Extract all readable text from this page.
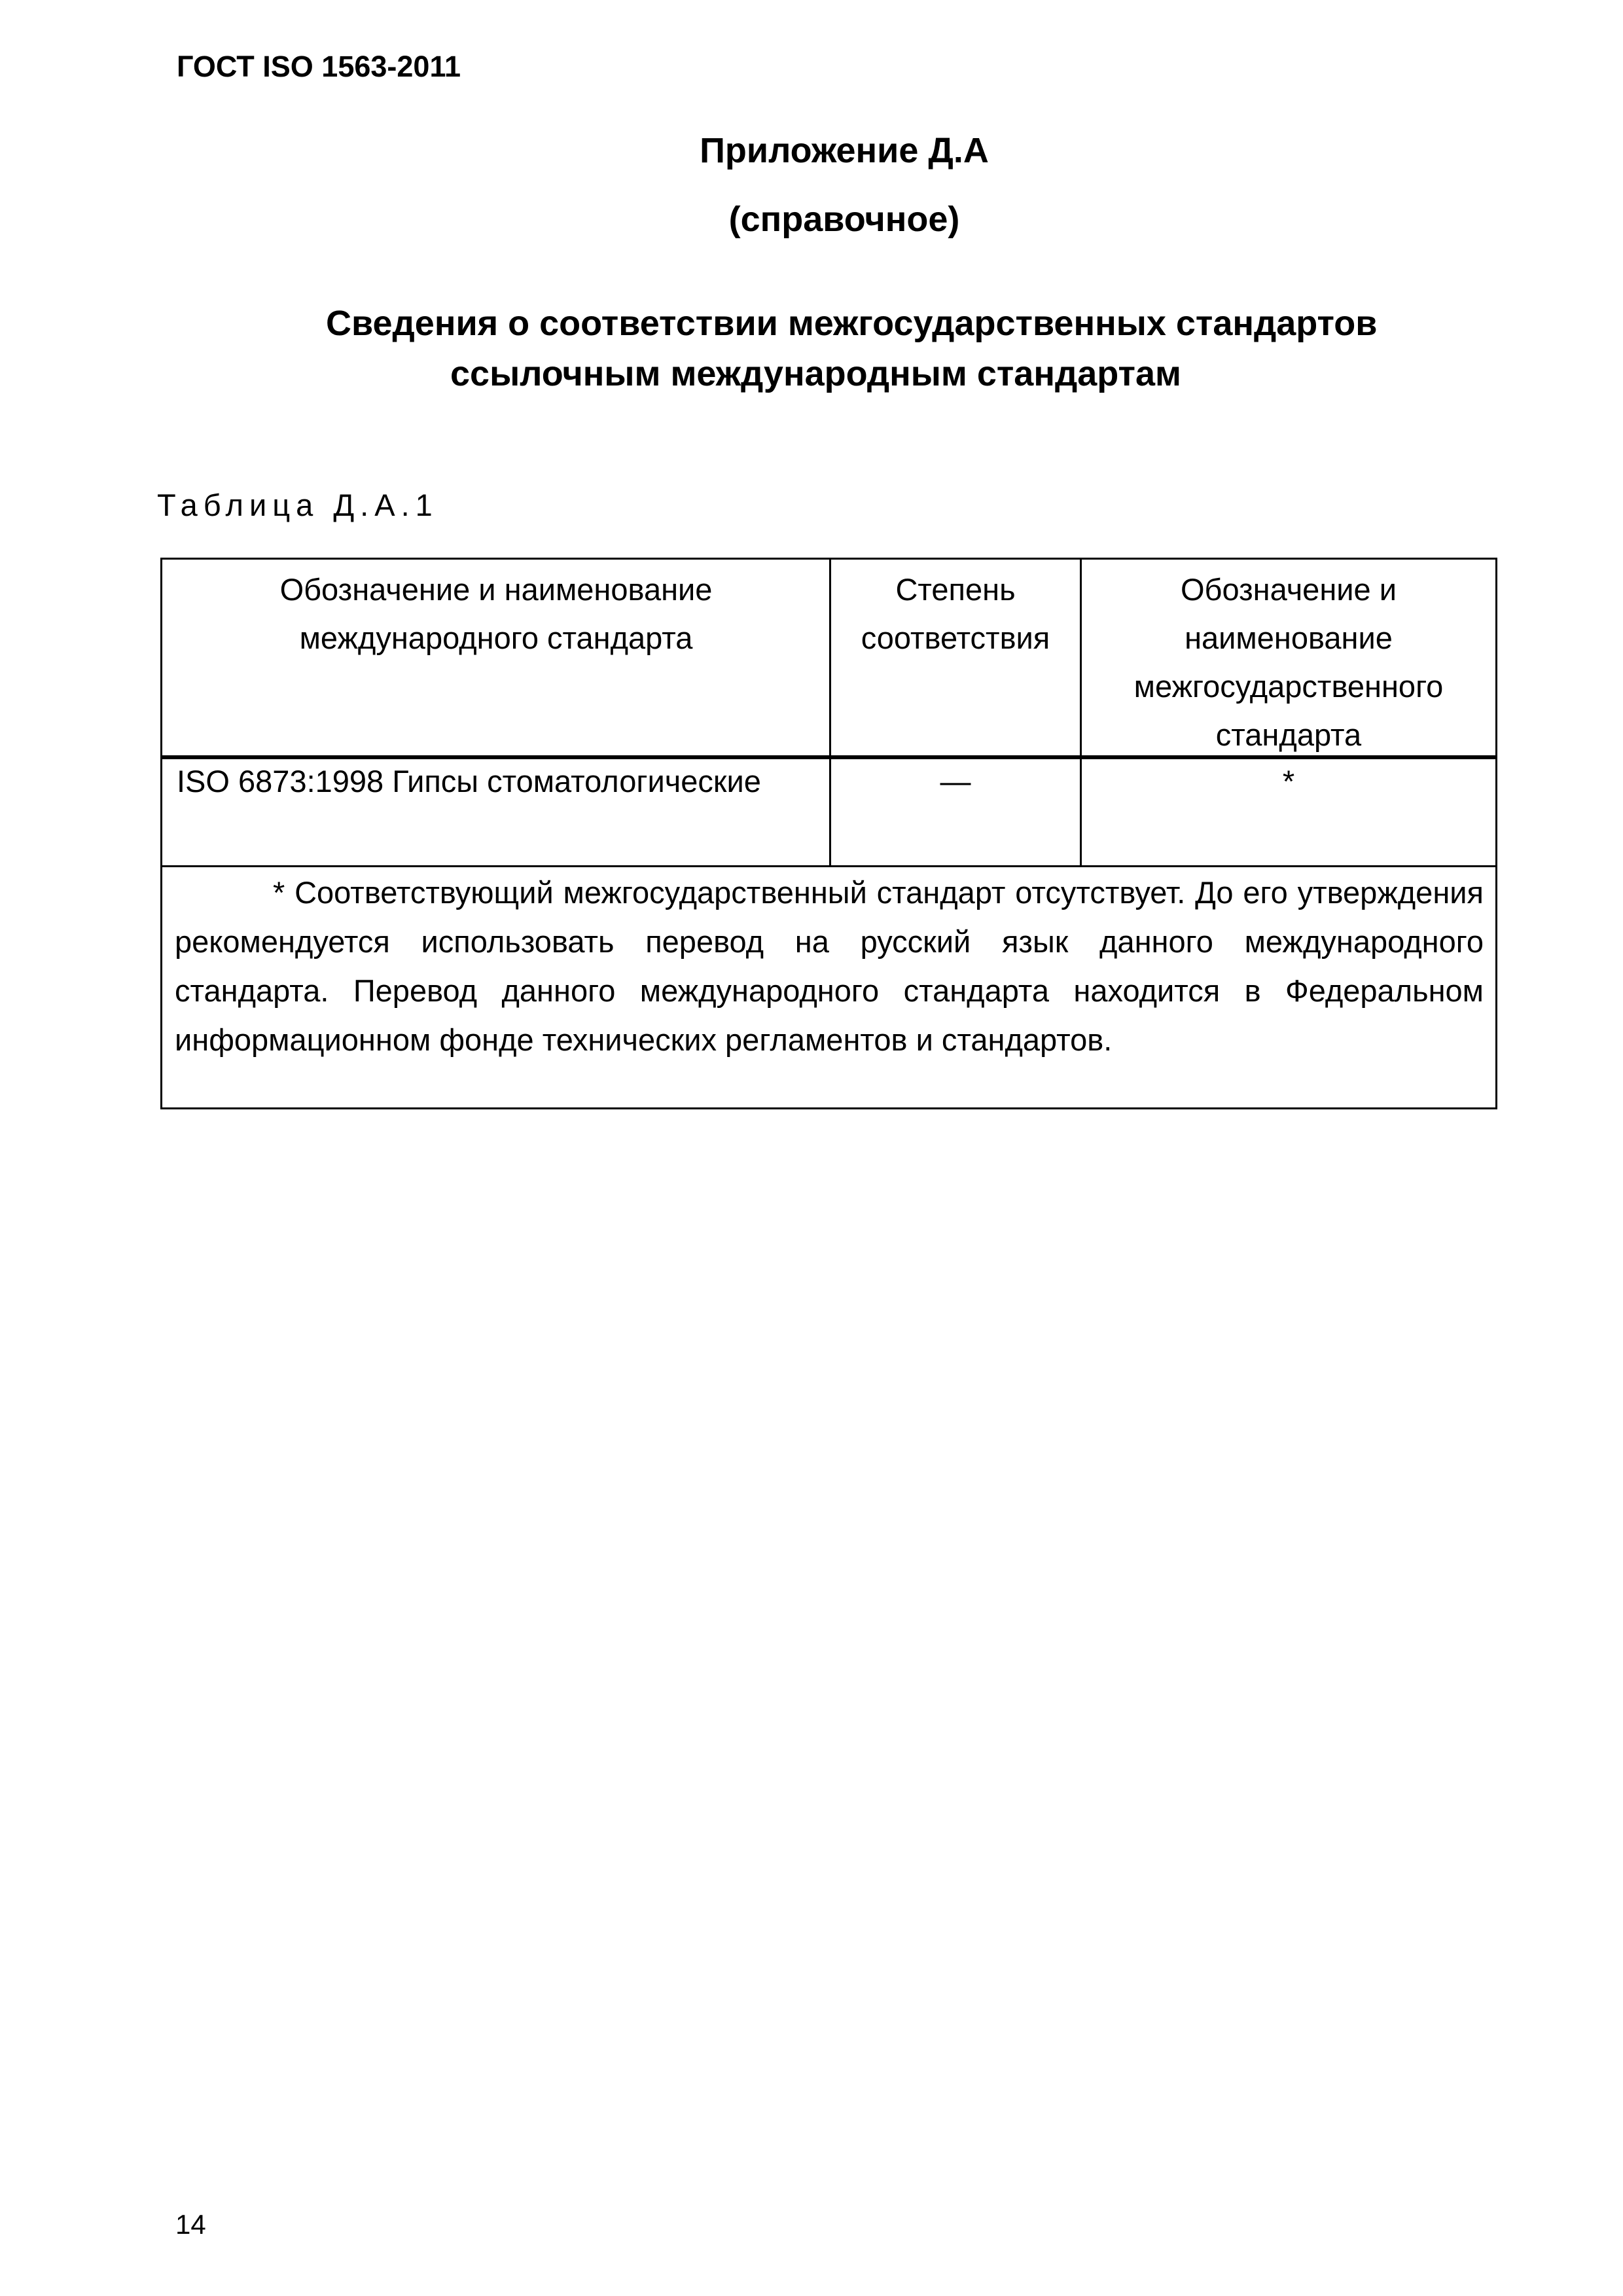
ГОСТ ISO 1563-2011
Приложение Д.А
(справочное)
Сведения о соответствии межгосударственных стандартов
ссылочным международным стандартам
Таблица Д.А.1
Обозначение и наименование международного стандарта
Степень соответствия
Обозначение и
наименование
межгосударственного
стандарта
ISO 6873:1998 Гипсы стоматологические	—	*
* Соответствующий межгосударственный стандарт отсутствует. До его утверждения рекомендуется использовать перевод на русский язык данного международного стандарта. Перевод данного международного стандарта находится в Федеральном информационном фонде технических регламентов и стандартов.
14
